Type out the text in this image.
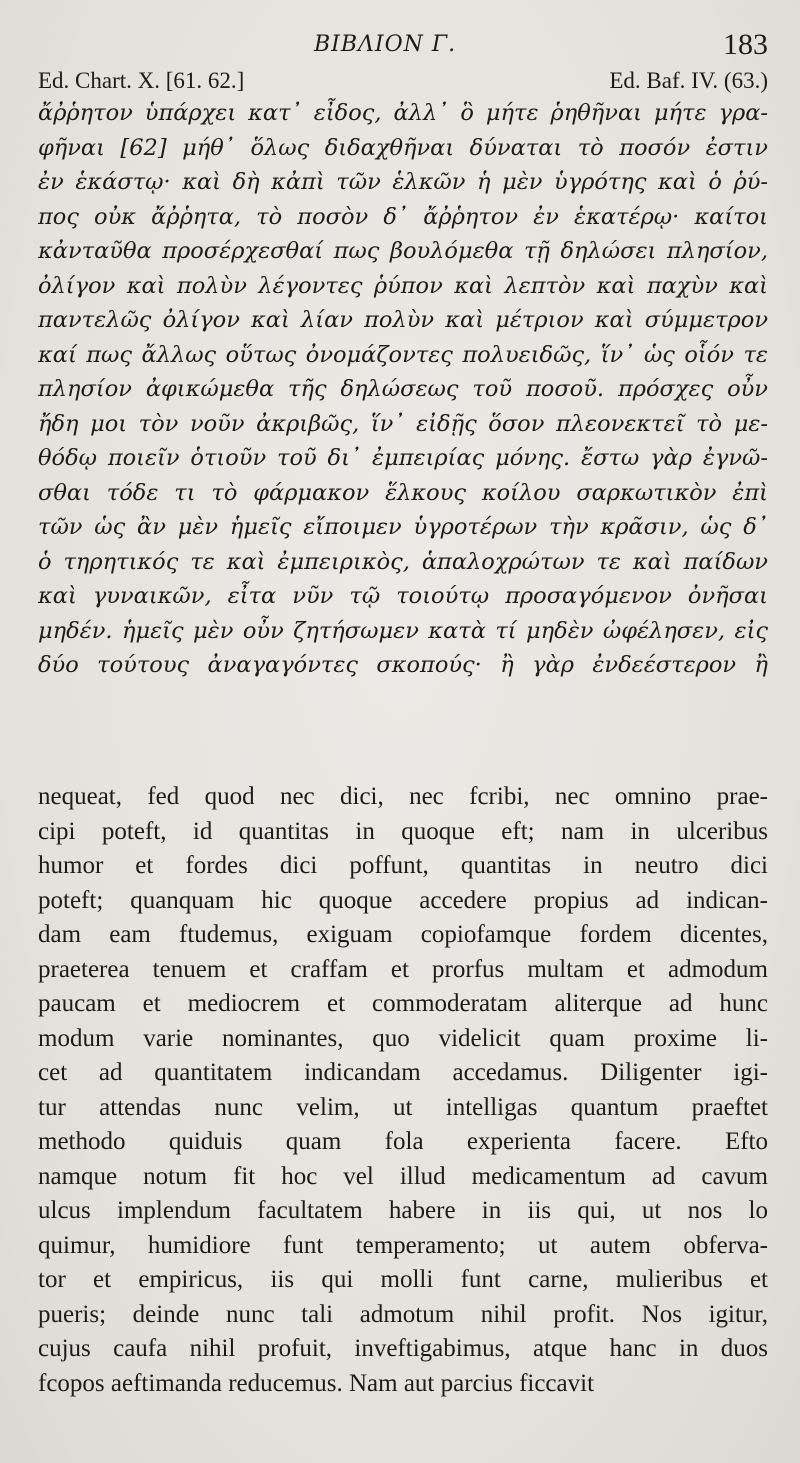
ΒΙΒΛΙΟΝ Γ.	183
Ed. Chart. X. [61. 62.]	Ed. Baf. IV. (63.)
ἄῤῥητον ὑπάρχει κατ᾽ εἶδος, ἀλλ᾽ ὃ μήτε ῥηθῆναι μήτε γρα-
φῆναι [62] μήθ᾽ ὅλως διδαχθῆναι δύναται τὸ ποσόν ἐστιν
ἐν ἑκάστῳ· καὶ δὴ κἀπὶ τῶν ἑλκῶν ἡ μὲν ὑγρότης καὶ ὁ ῥύ-
πος οὐκ ἄῤῥητα, τὸ ποσὸν δ᾽ ἄῤῥητον ἐν ἑκατέρῳ· καίτοι
κἀνταῦθα προσέρχεσθαί πως βουλόμεθα τῇ δηλώσει πλησίον,
ὀλίγον καὶ πολὺν λέγοντες ῥύπον καὶ λεπτὸν καὶ παχὺν καὶ
παντελῶς ὀλίγον καὶ λίαν πολὺν καὶ μέτριον καὶ σύμμετρον
καί πως ἄλλως οὕτως ὀνομάζοντες πολυειδῶς, ἵν᾽ ὡς οἷόν τε
πλησίον ἀφικώμεθα τῆς δηλώσεως τοῦ ποσοῦ. πρόσχες οὖν
ἤδη μοι τὸν νοῦν ἀκριβῶς, ἵν᾽ εἰδῇς ὅσον πλεονεκτεῖ τὸ με-
θόδῳ ποιεῖν ὁτιοῦν τοῦ δι᾽ ἐμπειρίας μόνης. ἔστω γὰρ ἐγνῶ-
σθαι τόδε τι τὸ φάρμακον ἕλκους κοίλου σαρκωτικὸν ἐπὶ
τῶν ὡς ἂν μὲν ἡμεῖς εἴποιμεν ὑγροτέρων τὴν κρᾶσιν, ὡς δ᾽
ὁ τηρητικός τε καὶ ἐμπειρικὸς, ἁπαλοχρώτων τε καὶ παίδων
καὶ γυναικῶν, εἶτα νῦν τῷ τοιούτῳ προσαγόμενον ὀνῆσαι
μηδέν. ἡμεῖς μὲν οὖν ζητήσωμεν κατὰ τί μηδὲν ὠφέλησεν, εἰς
δύο τούτους ἀναγαγόντες σκοπούς· ἢ γὰρ ἐνδεέστερον ἢ
nequeat, fed quod nec dici, nec fcribi, nec omnino prae-
cipi poteft, id quantitas in quoque eft; nam in ulceribus
humor et fordes dici poffunt, quantitas in neutro dici
poteft; quanquam hic quoque accedere propius ad indican-
dam eam ftudemus, exiguam copiofamque fordem dicentes,
praeterea tenuem et craffam et prorfus multam et admodum
paucam et mediocrem et commoderatam aliterque ad hunc
modum varie nominantes, quo videlicit quam proxime li-
cet ad quantitatem indicandam accedamus. Diligenter igi-
tur attendas nunc velim, ut intelligas quantum praeftet
methodo quiduis quam fola experienta facere. Efto
namque notum fit hoc vel illud medicamentum ad cavum
ulcus implendum facultatem habere in iis qui, ut nos lo
quimur, humidiore funt temperamento; ut autem obferva-
tor et empiricus, iis qui molli funt carne, mulieribus et
pueris; deinde nunc tali admotum nihil profit. Nos igitur,
cujus caufa nihil profuit, inveftigabimus, atque hanc in duos
fcopos aeftimanda reducemus. Nam aut parcius ficcavit
